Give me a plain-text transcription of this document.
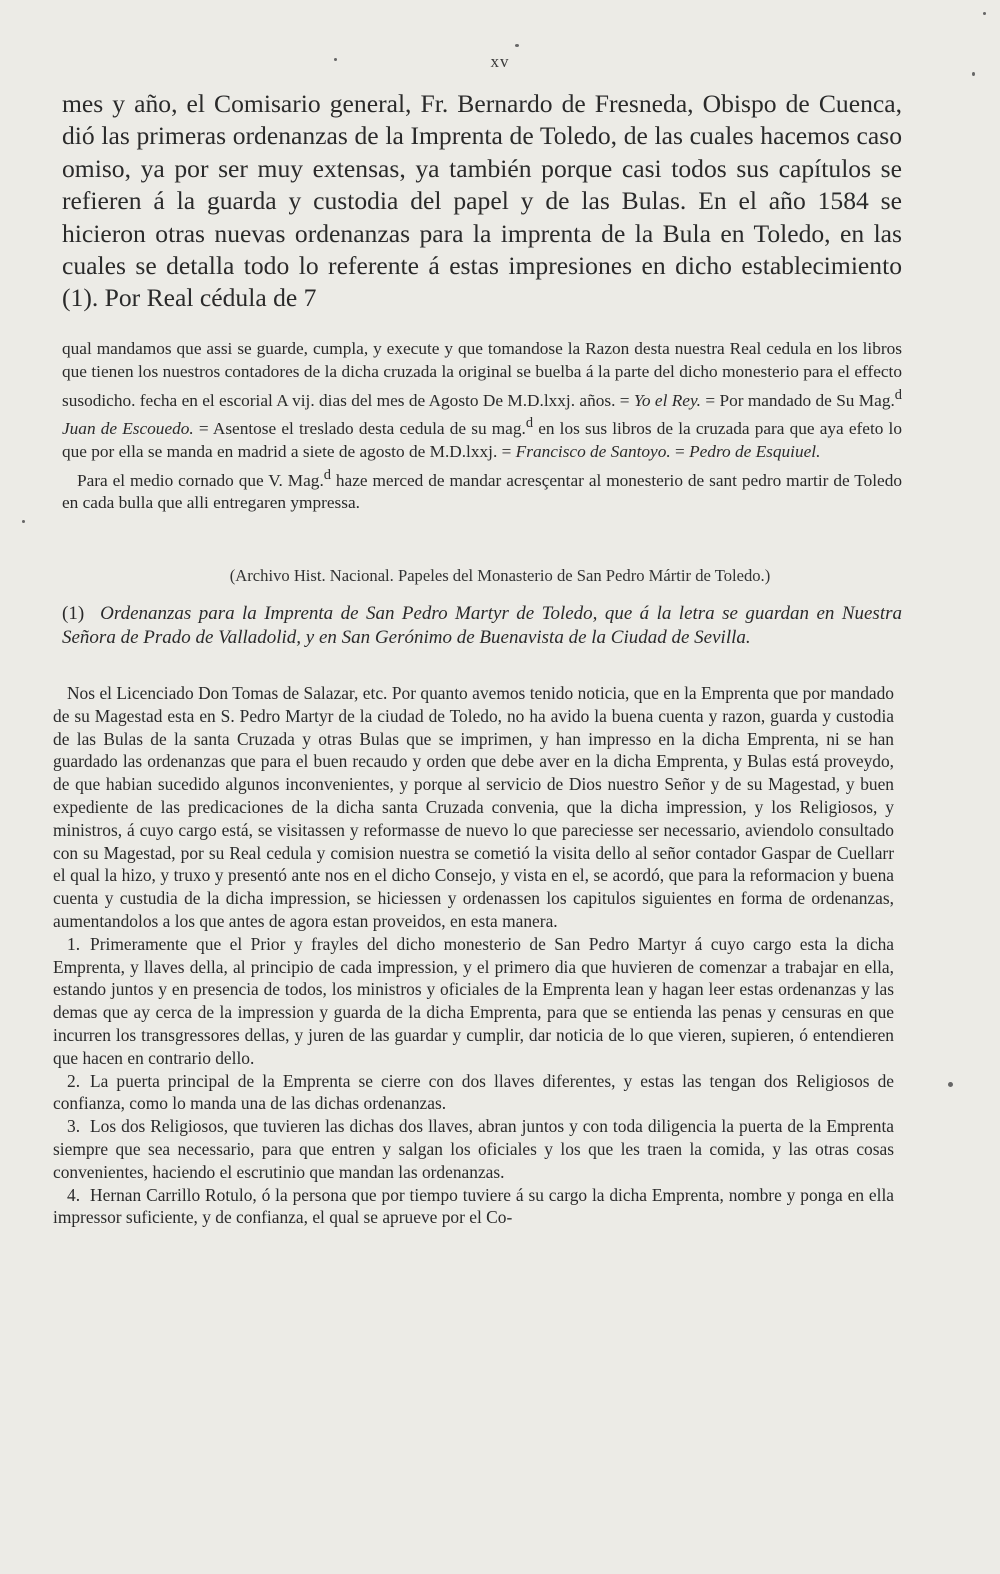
xv

mes y año, el Comisario general, Fr. Bernardo de Fresneda, Obispo de Cuenca, dió las primeras ordenanzas de la Imprenta de Toledo, de las cuales hacemos caso omiso, ya por ser muy extensas, ya también porque casi todos sus capítulos se refieren á la guarda y custodia del papel y de las Bulas. En el año 1584 se hicieron otras nuevas ordenanzas para la imprenta de la Bula en Toledo, en las cuales se detalla todo lo referente á estas impresiones en dicho establecimiento (1). Por Real cédula de 7

qual mandamos que assi se guarde, cumpla, y execute y que tomandose la Razon desta nuestra Real cedula en los libros que tienen los nuestros contadores de la dicha cruzada la original se buelba á la parte del dicho monesterio para el effecto susodicho. fecha en el escorial A vij. dias del mes de Agosto De M.D.lxxj. años. = Yo el Rey. = Por mandado de Su Mag.$^d$ Juan de Escouedo. = Asentose el treslado desta cedula de su mag.$^d$ en los sus libros de la cruzada para que aya efeto lo que por ella se manda en madrid a siete de agosto de M.D.lxxj. = Francisco de Santoyo. = Pedro de Esquiuel.

Para el medio cornado que V. Mag.$^d$ haze merced de mandar acresçentar al monesterio de sant pedro martir de Toledo en cada bulla que alli entregaren ympressa.

(Archivo Hist. Nacional. Papeles del Monasterio de San Pedro Mártir de Toledo.)
(1) Ordenanzas para la Imprenta de San Pedro Martyr de Toledo, que á la letra se guardan en Nuestra Señora de Prado de Valladolid, y en San Gerónimo de Buenavista de la Ciudad de Sevilla.

Nos el Licenciado Don Tomas de Salazar, etc. Por quanto avemos tenido noticia, que en la Emprenta que por mandado de su Magestad esta en S. Pedro Martyr de la ciudad de Toledo, no ha avido la buena cuenta y razon, guarda y custodia de las Bulas de la santa Cruzada y otras Bulas que se imprimen, y han impresso en la dicha Emprenta, ni se han guardado las ordenanzas que para el buen recaudo y orden que debe aver en la dicha Emprenta, y Bulas está proveydo, de que habian sucedido algunos inconvenientes, y porque al servicio de Dios nuestro Señor y de su Magestad, y buen expediente de las predicaciones de la dicha santa Cruzada convenia, que la dicha impression, y los Religiosos, y ministros, á cuyo cargo está, se visitassen y reformasse de nuevo lo que pareciesse ser necessario, aviendolo consultado con su Magestad, por su Real cedula y comision nuestra se cometió la visita dello al señor contador Gaspar de Cuellarr el qual la hizo, y truxo y presentó ante nos en el dicho Consejo, y vista en el, se acordó, que para la reformacion y buena cuenta y custudia de la dicha impression, se hiciessen y ordenassen los capitulos siguientes en forma de ordenanzas, aumentandolos a los que antes de agora estan proveidos, en esta manera.

1. Primeramente que el Prior y frayles del dicho monesterio de San Pedro Martyr á cuyo cargo esta la dicha Emprenta, y llaves della, al principio de cada impression, y el primero dia que huvieren de comenzar a trabajar en ella, estando juntos y en presencia de todos, los ministros y oficiales de la Emprenta lean y hagan leer estas ordenanzas y las demas que ay cerca de la impression y guarda de la dicha Emprenta, para que se entienda las penas y censuras en que incurren los transgressores dellas, y juren de las guardar y cumplir, dar noticia de lo que vieren, supieren, ó entendieren que hacen en contrario dello.

2. La puerta principal de la Emprenta se cierre con dos llaves diferentes, y estas las tengan dos Religiosos de confianza, como lo manda una de las dichas ordenanzas.

3. Los dos Religiosos, que tuvieren las dichas dos llaves, abran juntos y con toda diligencia la puerta de la Emprenta siempre que sea necessario, para que entren y salgan los oficiales y los que les traen la comida, y las otras cosas convenientes, haciendo el escrutinio que mandan las ordenanzas.

4. Hernan Carrillo Rotulo, ó la persona que por tiempo tuviere á su cargo la dicha Emprenta, nombre y ponga en ella impressor suficiente, y de confianza, el qual se aprueve por el Co-
